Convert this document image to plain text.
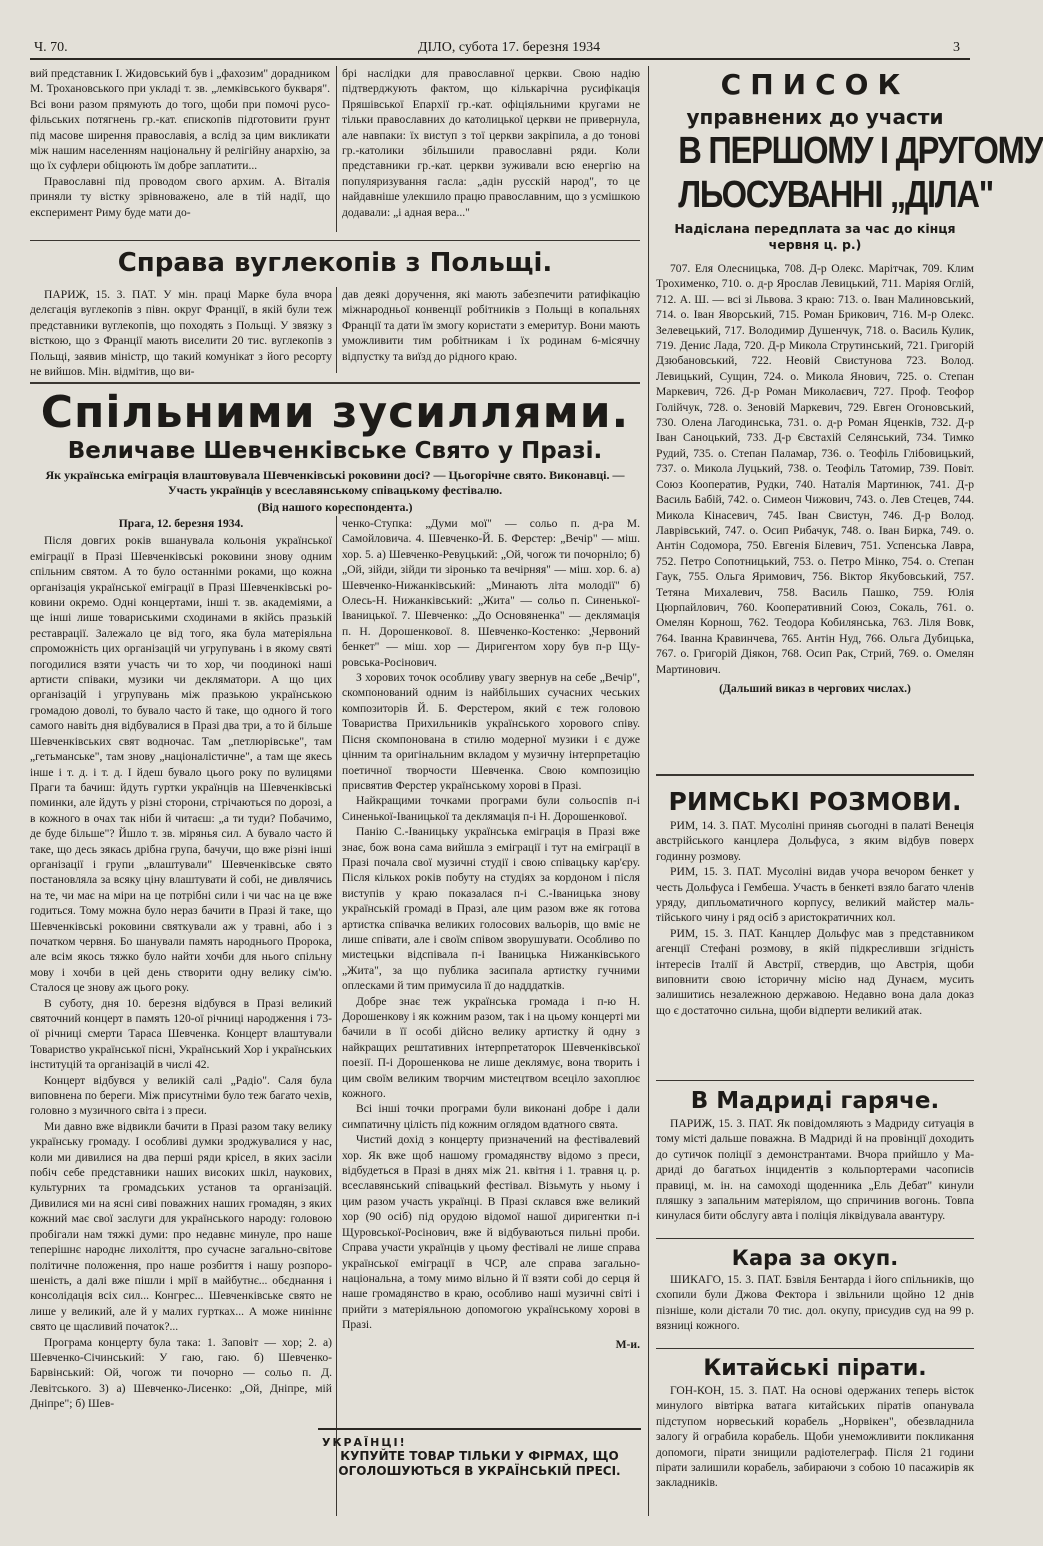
Ч. 70.	ДІЛО, субота 17. березня 1934	3

вий представник І. Жидовський був і „фахозим" дорадником М. Трохановського при укладі т. зв. „лемківського букваря". Всі вони разом прямують до того, щоби при помочі русофільських потягнень гр.-кат. єпископів підготовити ґрунт під масове ширення православія, а вслід за цим викликати між нашим населенням національну й релігійну анархію, за що їх суфлери обіцюють їм добре заплатити...

Православні під проводом свого архим. А. Віталія приняли ту вістку зрівноважено, але в тій надії, що експеримент Риму буде мати до-

брі наслідки для православної церкви. Свою надію підтверджують фактом, що кількарічна русифікація Пряшівської Епархії гр.-кат. офіціяльними кругами не тільки православних до католицької церкви не привернула, але навпаки: їх виступ з тої церкви закріпила, а до тонові гр.-католики збільшили православні ряди. Коли представники гр.-кат. церкви зуживали всю енергію на популяризування гасла: „адін русскій народ", то це найдавніше улекшило працю православним, що з усмішкою додавали: „і адная вера..."

Справа вуглекопів з Польщі.

ПАРИЖ, 15. 3. ПАТ. У мін. праці Марке була вчора делєгація вуглекопів з півн. округ Франції, в якій були теж представники вуглекопів, що походять з Польщі. У звязку з вісткою, що з Франції мають виселити 20 тис. вуглекопів з Польщі, заявив міністр, що такий комунікат з його ресорту не вийшов. Мін. відмітив, що ви-

дав деякі доручення, які мають забезпечити ратифікацію міжнародньої конвенції робітників з Польщі в копальнях Франції та дати їм змогу користати з емеритур. Вони мають уможливити тим робітникам і їх родинам 6-місячну відпустку та виїзд до рідного краю.

Спільними зусиллями.
Величаве Шевченківське Свято у Празі.
Як українська еміграція влаштовувала Шевченківські роковини досі? — Цьогорічне свято. Виконавці. — Участь українців у всеславянському співацькому фестівалю.
(Від нашого кореспондента.)

Прага, 12. березня 1934.

Після довгих років вшанувала кольонія української еміграції в Празі Шевченківські роковини знову одним спільним святом. А то було останніми роками, що кожна організація української еміграції в Празі Шевченківські роковини окремо. Одні концертами, інші т. зв. академіями, а ще інші лише товариськими сходинами в якійсь празькій реставрації. Залежало це від того, яка була матеріяльна спроможність цих організацій чи угрупувань і в якому святі погодилися взяти участь чи то хор, чи поодинокі наші артисти співаки, музики чи декляматори. А що цих організацій і угрупувань між празькою українською громадою доволі, то бувало часто й таке, що одного й того самого навіть дня відбувалися в Празі два три, а то й більше Шевченківських свят водночас. Там „петлюрівське", там „гетьманське", там знову „націоналістичне", а там ще якесь інше і т. д. і т. д. І йдеш бувало цього року по вулицями Праги та бачиш: йдуть гуртки українців на Шевченківські поминки, але йдуть у різні сторони, стрічаються по дорозі, а в кожного в очах так ніби й читаєш: „а ти туди? Побачимо, де буде більше"? Йшло т. зв. мірянья сил. А бувало часто й таке, що десь зякась дрібна група, бачучи, що вже різні інші організації і групи „влаштували" Шевченківське свято постановляла за всяку ціну влаштувати й собі, не дивлячись на те, чи має на міри на це потрібні сили і чи час на це вже годиться. Тому можна було нераз бачити в Празі й таке, що Шевченківські роковини святкували аж у травні, або і з початком червня. Бо шанували память народнього Пророка, але всім якось тяжко було найти хочби для нього спільну мову і хочби в цей день створити одну велику сім'ю. Сталося це знову аж цього року.

В суботу, дня 10. березня відбувся в Празі великий святочний концерт в память 120-ої річниці народження і 73-ої річниці смерти Тараса Шевченка. Концерт влаштували Товариство української пісні, Український Хор і українських інституцій та організацій в числі 42.

Концерт відбувся у великій салі „Радіо". Саля була виповнена по береги. Між присутніми було теж багато чехів, головно з музичного світа і з преси.

Ми давно вже відвикли бачити в Празі разом таку велику українську громаду. І особливі думки зроджувалися у нас, коли ми дивилися на два перші ряди крісел, в яких засіли побіч себе представники наших високих шкіл, наукових, культурних та громадських установ та організацій. Дивилися ми на ясні сиві поважних наших громадян, з яких кожний має свої заслуги для українського народу: головою пробігали нам тяжкі думи: про недавнє минуле, про наше теперішнє народнє лихоліття, про сучасне загально-світове політичне положення, про наше розбиття і нашу розпорошеність, а далі вже пішли і мрії в майбутнє... обєднання і консолідація всіх сил... Конгрес... Шевченківське свято не лише у великий, але й у малих гуртках... А може ниніннє свято це щасливий початок?...

Програма концерту була така: 1. Заповіт — хор; 2. а) Шевченко-Січинський: У гаю, гаю. б) Шевченко-Барвінський: Ой, чогож ти почорно — сольо п. Д. Левітського. 3) а) Шевченко-Лисенко: „Ой, Дніпре, мій Дніпре"; б) Шев-

ченко-Ступка: „Думи мої" — сольо п. д-ра М. Самойловича. 4. Шевченко-Й. Б. Ферстер: „Вечір" — міш. хор. 5. а) Шевченко-Ревуцький: „Ой, чогож ти почорніло; б) „Ой, зійди, зійди ти зіронько та вечірняя" — міш. хор. 6. а) Шевченко-Нижанківський: „Минають літа молодії" б) Олесь-Н. Нижанківський: „Жита" — сольо п. Синенької-Іваницької. 7. Шевченко: „До Основяненка" — деклямація п. Н. Дорошенкової. 8. Шевченко-Костенко: „Червоний бенкет" — міш. хор — Диригентом хору був п-р Щуровська-Росінович.

З хорових точок особливу увагу звернув на себе „Вечір", скомпонований одним із найбільших сучасних чеських композиторів Й. Б. Ферстером, який є теж головою Товариства Прихильників українського хорового співу. Пісня скомпонована в стилю модерної музики і є дуже цінним та оригінальним вкладом у музичну інтерпретацію поетичної творчости Шевченка. Свою композицію присвятив Ферстер українському хорові в Празі.

Найкращими точками програми були сольоспів п-і Синенької-Іваницької та деклямація п-і Н. Дорошенкової.

Панію С.-Іваницьку українська еміграція в Празі вже знає, бож вона сама вийшла з еміграції і тут на еміграції в Празі почала свої музичні студії і свою співацьку кар'єру. Після кількох років побуту на студіях за кордоном і після виступів у краю показалася п-і С.-Іваницька знову українській громаді в Празі, але цим разом вже як готова артистка співачка великих голосових вальорів, що вміє не лише співати, але і своїм співом зворушувати. Особливо по мистецьки відспівала п-і Іваницька Нижанківського „Жита", за що публика засипала артистку гучними оплесками й тим примусила її до надддатків.

Добре знає теж українська громада і п-ю Н. Дорошенкову і як кожним разом, так і на цьому концерті ми бачили в її особі дійсно велику артистку й одну з найкращих рештативних інтерпретаторок Шевченківської поезії. П-і Дорошенкова не лише деклямує, вона творить і цим своїм великим творчим мистецтвом всеціло захоплює кожного.

Всі інші точки програми були виконані добре і дали симпатичну цілість під кожним оглядом вдатного свята.

Чистий дохід з концерту призначений на фестівалевий хор. Як вже щоб нашому громадянству відомо з преси, відбудеться в Празі в днях між 21. квітня і 1. травня ц. р. всеславянський співацький фестівал. Візьмуть у ньому і цим разом участь українці. В Празі склався вже великий хор (90 осіб) під орудою відомої нашої диригентки п-і Щуровської-Росінович, вже й відбуваються пильні проби. Справа участи українців у цьому фестівалі не лише справа української еміграції в ЧСР, але справа загально-національна, а тому мимо вільно й її взяти собі до серця й наше громадянство в краю, особливо наші музичні світі і прийти з матеріяльною допомогою українському хорові в Празі.

М-и.

УКРАЇНЦІ!
КУПУЙТЕ ТОВАР ТІЛЬКИ У ФІРМАХ, ЩО ОГОЛОШУЮТЬСЯ В УКРАЇНСЬКІЙ ПРЕСІ.
СПИСОК
управнених до участи
В ПЕРШОМУ І ДРУГОМУ
ЛЬОСУВАННІ „ДІЛА"
Надіслана передплата за час до кінця червня ц. р.)

707. Еля Олесницька, 708. Д-р Олекс. Марітчак, 709. Клим Трохименко, 710. о. д-р Ярослав Левицький, 711. Маріяя Оглій, 712. А. Ш. — всі зі Львова. З краю: 713. о. Іван Малиновський, 714. о. Іван Яворський, 715. Роман Брикович, 716. М-р Олекс. Зелевецький, 717. Володимир Душенчук, 718. о. Василь Кулик, 719. Денис Лада, 720. Д-р Микола Струтинський, 721. Григорій Дзюбановський, 722. Неовій Свистунова 723. Волод. Левицький, Сущин, 724. о. Микола Янович, 725. о. Степан Маркевич, 726. Д-р Роман Миколаєвич, 727. Проф. Теофор Голійчук, 728. о. Зеновій Маркевич, 729. Евген Огоновський, 730. Олена Лагодинська, 731. о. д-р Роман Яценків, 732. Д-р Іван Саноцький, 733. Д-р Євстахій Селянський, 734. Тимко Рудий, 735. о. Степан Паламар, 736. о. Теофіль Глібовицький, 737. о. Микола Луцький, 738. о. Теофіль Татомир, 739. Повіт. Союз Кооператив, Рудки, 740. Наталія Мартинюк, 741. Д-р Василь Бабій, 742. о. Симеон Чижович, 743. о. Лев Стецев, 744. Микола Кінасевич, 745. Іван Свистун, 746. Д-р Волод. Лаврівський, 747. о. Осип Рибачук, 748. о. Іван Бирка, 749. о. Антін Содомора, 750. Евгенія Білевич, 751. Успенська Лавра, 752. Петро Сопотницький, 753. о. Петро Мінко, 754. о. Степан Гаук, 755. Ольга Яримович, 756. Віктор Якубовський, 757. Тетяна Михалевич, 758. Василь Пашко, 759. Юлія Цюрпайлович, 760. Кооперативний Союз, Сокаль, 761. о. Омелян Корнош, 762. Теодора Кобилянська, 763. Ліля Вовк, 764. Іванна Кравинчева, 765. Антін Нуд, 766. Ольга Дубицька, 767. о. Григорій Діякон, 768. Осип Рак, Стрий, 769. о. Омелян Мартинович.

(Дальший виказ в чергових числах.)

РИМСЬКІ РОЗМОВИ.

РИМ, 14. 3. ПАТ. Мусоліні приняв сьогодні в палаті Венеція австрійського канцлера Дольфуса, з яким відбув поверх годинну розмову.

РИМ, 15. 3. ПАТ. Мусоліні видав учора вечором бенкет у честь Дольфуса і Гембеша. Участь в бенкеті взяло багато членів уряду, дипльоматичного корпусу, великий майстер мальтійського чину і ряд осіб з аристократичних кол.

РИМ, 15. 3. ПАТ. Канцлер Дольфус мав з представником агенції Стефані розмову, в якій підкресливши згідність інтересів Італії й Австрії, ствердив, що Австрія, щоби виповнити свою історичну місію над Дунаєм, мусить залишитись незалежною державою. Недавно вона дала доказ що є достаточно сильна, щоби відперти великий атак.

В Мадриді гаряче.

ПАРИЖ, 15. 3. ПАТ. Як повідомляють з Мадриду ситуація в тому місті дальше поважна. В Мадриді й на провінції доходить до сутичок поліції з демонстрантами. Вчора прийшло у Мадриді до багатьох інцидентів з кольпортерами часописів правиці, м. ін. на самоході щоденника „Ель Дебат" кинули пляшку з запальним матеріялом, що спричинив вогонь. Товпа кинулася бити обслугу авта і поліція ліквідувала авантуру.

Кара за окуп.

ШИКАГО, 15. 3. ПАТ. Бзвіля Бентарда і його спільників, що схопили були Джова Фектора і звільнили щойно 12 днів пізніше, коли дістали 70 тис. дол. окупу, присудив суд на 99 р. вязниці кожного.

Китайські пірати.

ГОН-КОН, 15. 3. ПАТ. На основі одержаних теперь вісток минулого вівтірка ватага китайських піратів опанувала підступом норвеський корабель „Норвікен", обезвладнила залогу й ограбила корабель. Щоби унеможливити покликання допомоги, пірати знищили радіотелеграф. Після 21 години пірати залишили корабель, забираючи з собою 10 пасажирів як закладників.
